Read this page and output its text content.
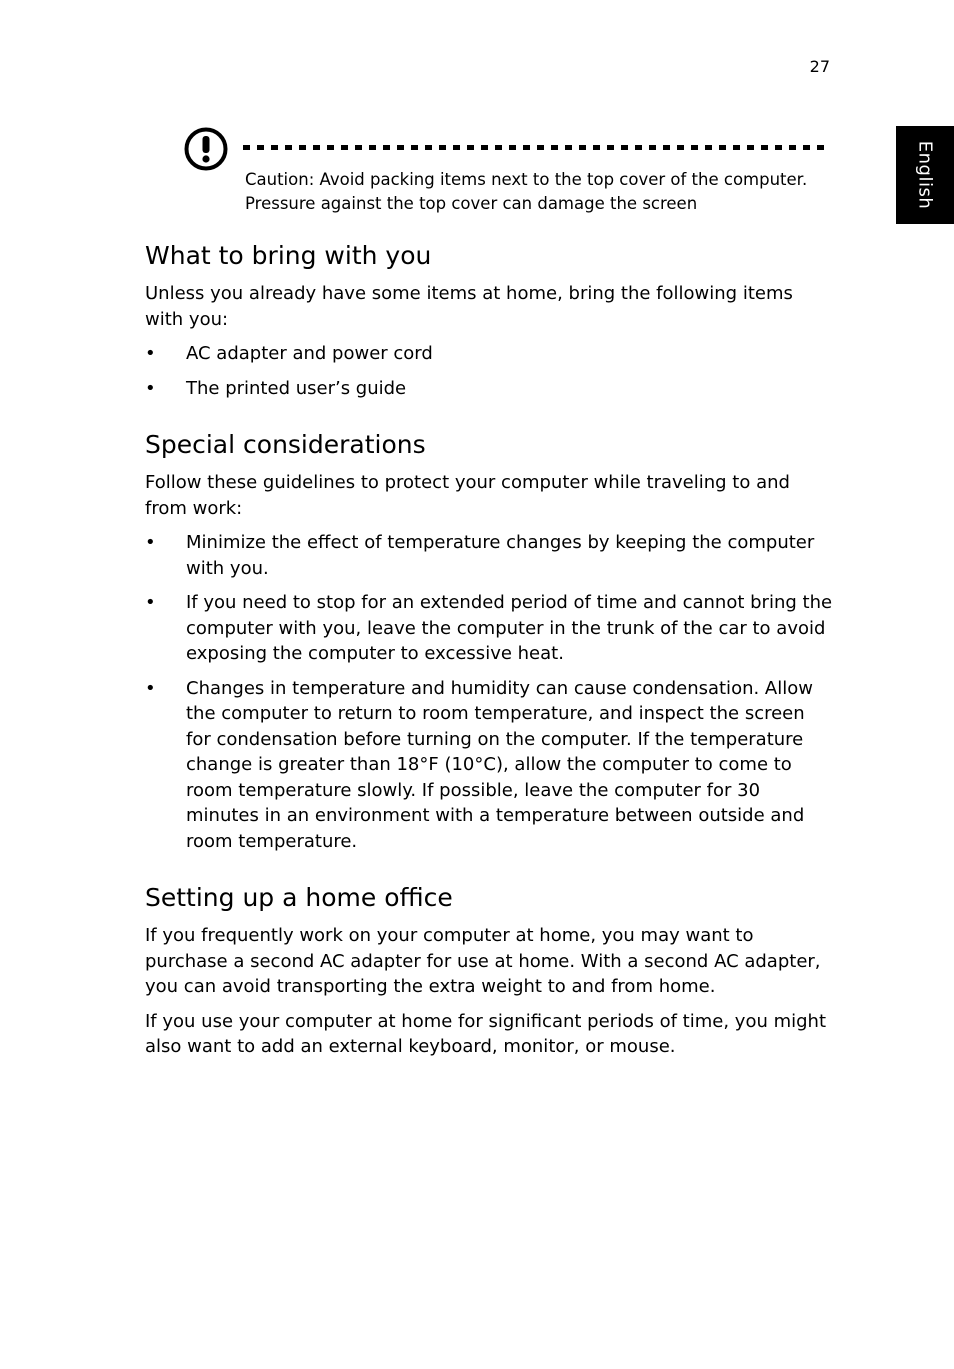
27
English
Caution: Avoid packing items next to the top cover of the computer. Pressure against the top cover can damage the screen
What to bring with you

Unless you already have some items at home, bring the following items with you:

• AC adapter and power cord
• The printed user’s guide
Special considerations

Follow these guidelines to protect your computer while traveling to and from work:

• Minimize the effect of temperature changes by keeping the computer with you.
• If you need to stop for an extended period of time and cannot bring the computer with you, leave the computer in the trunk of the car to avoid exposing the computer to excessive heat.
• Changes in temperature and humidity can cause condensation. Allow the computer to return to room temperature, and inspect the screen for condensation before turning on the computer. If the temperature change is greater than 18°F (10°C), allow the computer to come to room temperature slowly. If possible, leave the computer for 30 minutes in an environment with a temperature between outside and room temperature.
Setting up a home office

If you frequently work on your computer at home, you may want to purchase a second AC adapter for use at home. With a second AC adapter, you can avoid transporting the extra weight to and from home.

If you use your computer at home for significant periods of time, you might also want to add an external keyboard, monitor, or mouse.
